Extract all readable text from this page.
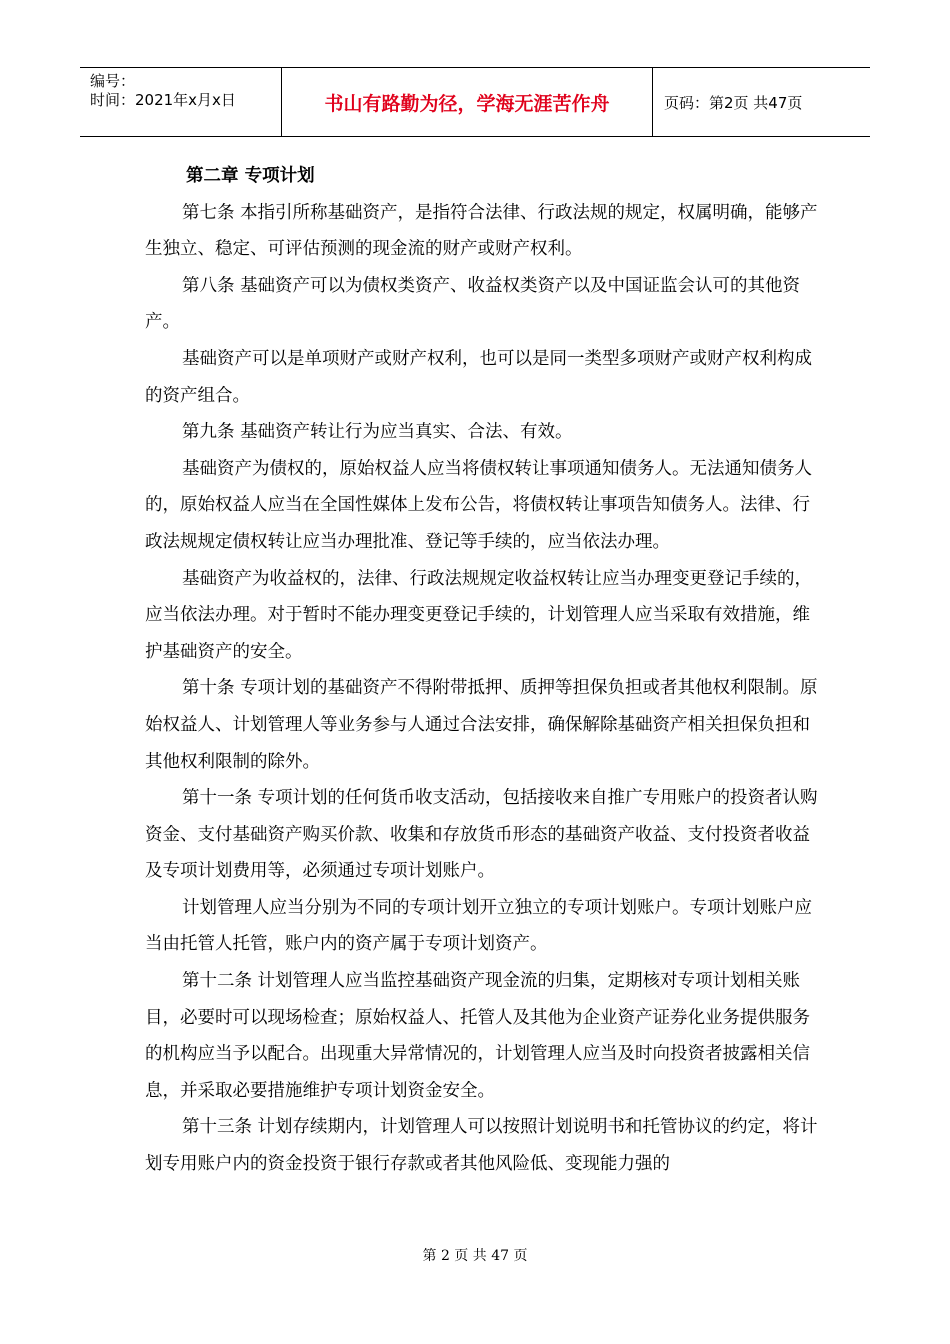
编号：
时间：2021年x月x日	书山有路勤为径，学海无涯苦作舟	页码：第2页 共47页

第二章 专项计划

第七条 本指引所称基础资产，是指符合法律、行政法规的规定，权属明确，能够产生独立、稳定、可评估预测的现金流的财产或财产权利。

第八条 基础资产可以为债权类资产、收益权类资产以及中国证监会认可的其他资产。

基础资产可以是单项财产或财产权利，也可以是同一类型多项财产或财产权利构成的资产组合。

第九条 基础资产转让行为应当真实、合法、有效。

基础资产为债权的，原始权益人应当将债权转让事项通知债务人。无法通知债务人的，原始权益人应当在全国性媒体上发布公告，将债权转让事项告知债务人。法律、行政法规规定债权转让应当办理批准、登记等手续的，应当依法办理。

基础资产为收益权的，法律、行政法规规定收益权转让应当办理变更登记手续的，应当依法办理。对于暂时不能办理变更登记手续的，计划管理人应当采取有效措施，维护基础资产的安全。

第十条 专项计划的基础资产不得附带抵押、质押等担保负担或者其他权利限制。原始权益人、计划管理人等业务参与人通过合法安排，确保解除基础资产相关担保负担和其他权利限制的除外。

第十一条 专项计划的任何货币收支活动，包括接收来自推广专用账户的投资者认购资金、支付基础资产购买价款、收集和存放货币形态的基础资产收益、支付投资者收益及专项计划费用等，必须通过专项计划账户。

计划管理人应当分别为不同的专项计划开立独立的专项计划账户。专项计划账户应当由托管人托管，账户内的资产属于专项计划资产。

第十二条 计划管理人应当监控基础资产现金流的归集，定期核对专项计划相关账目，必要时可以现场检查；原始权益人、托管人及其他为企业资产证券化业务提供服务的机构应当予以配合。出现重大异常情况的，计划管理人应当及时向投资者披露相关信息，并采取必要措施维护专项计划资金安全。

第十三条 计划存续期内，计划管理人可以按照计划说明书和托管协议的约定，将计划专用账户内的资金投资于银行存款或者其他风险低、变现能力强的

第 2 页 共 47 页
